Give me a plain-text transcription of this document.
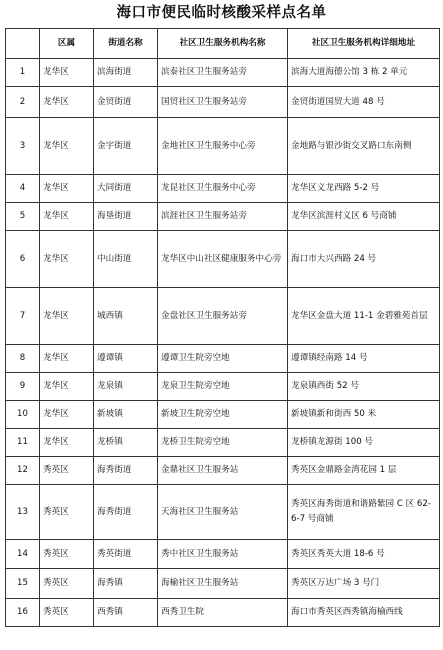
海口市便民临时核酸采样点名单
	区属	街道名称	社区卫生服务机构名称	社区卫生服务机构详细地址
1	龙华区	滨海街道	滨泰社区卫生服务站旁	滨海大道海德公馆 3 栋 2 单元
2	龙华区	金贸街道	国贸社区卫生服务站旁	金贸街道国贸大道 48 号
3	龙华区	金宇街道	金地社区卫生服务中心旁	金地路与银沙街交叉路口东南侧
4	龙华区	大同街道	龙昆社区卫生服务中心旁	龙华区义龙西路 5-2 号
5	龙华区	海垦街道	滨涯社区卫生服务站旁	龙华区滨涯村义区 6 号商铺
6	龙华区	中山街道	龙华区中山社区健康服务中心旁	海口市大兴西路 24 号
7	龙华区	城西镇	金盘社区卫生服务站旁	龙华区金盘大道 11-1 金碧雅苑首层
8	龙华区	遵谭镇	遵谭卫生院旁空地	遵谭镇经南路 14 号
9	龙华区	龙泉镇	龙泉卫生院旁空地	龙泉镇西街 52 号
10	龙华区	新坡镇	新坡卫生院旁空地	新坡镇新和街西 50 米
11	龙华区	龙桥镇	龙桥卫生院旁空地	龙桥镇龙源街 100 号
12	秀英区	海秀街道	金鼎社区卫生服务站	秀英区金鼎路金湾花园 1 层
13	秀英区	海秀街道	天海社区卫生服务站	秀英区海秀街道和谐路紫园 C 区 62-6-7 号商铺
14	秀英区	秀英街道	秀中社区卫生服务站	秀英区秀英大道 18-6 号
15	秀英区	海秀镇	海榆社区卫生服务站	秀英区万达广场 3 号门
16	秀英区	西秀镇	西秀卫生院	海口市秀英区西秀镇海榆西线
